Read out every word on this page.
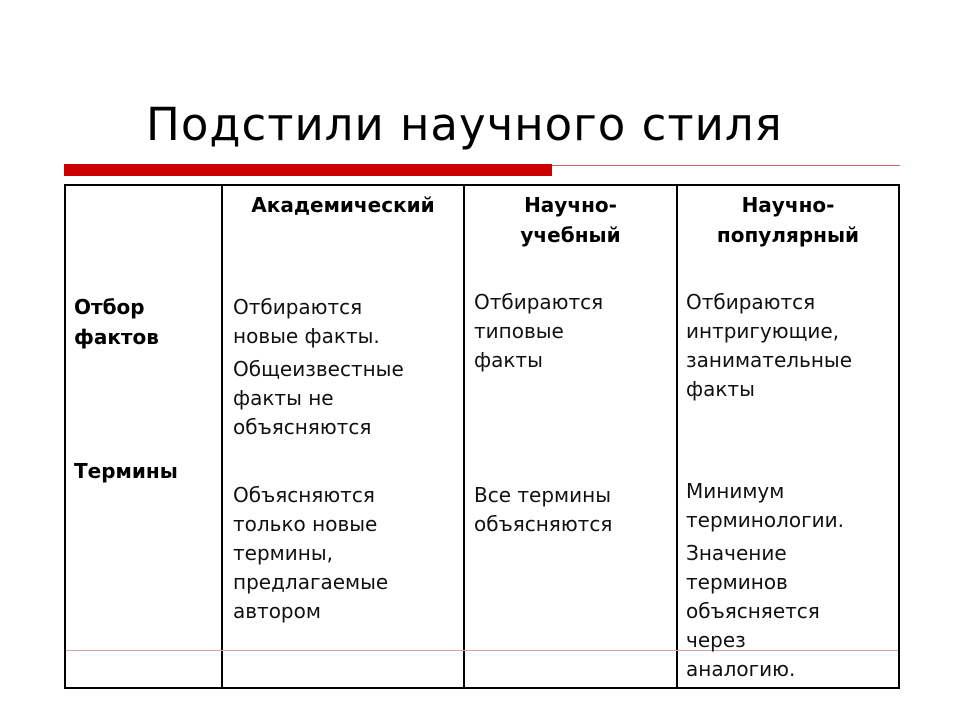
Подстили научного стиля
Академический	Научно-
учебный
Научно-
популярный
Отбор
фактов
Термины

Отбираются
новые факты.

Общеизвестные
факты не
объясняются

Отбираются
типовые
факты

Отбираются
интригующие,
занимательные
факты

Объясняются
только новые
термины,
предлагаемые
автором

Все термины
объясняются

Минимум
терминологии.

Значение
терминов
объясняется
через
аналогию.
